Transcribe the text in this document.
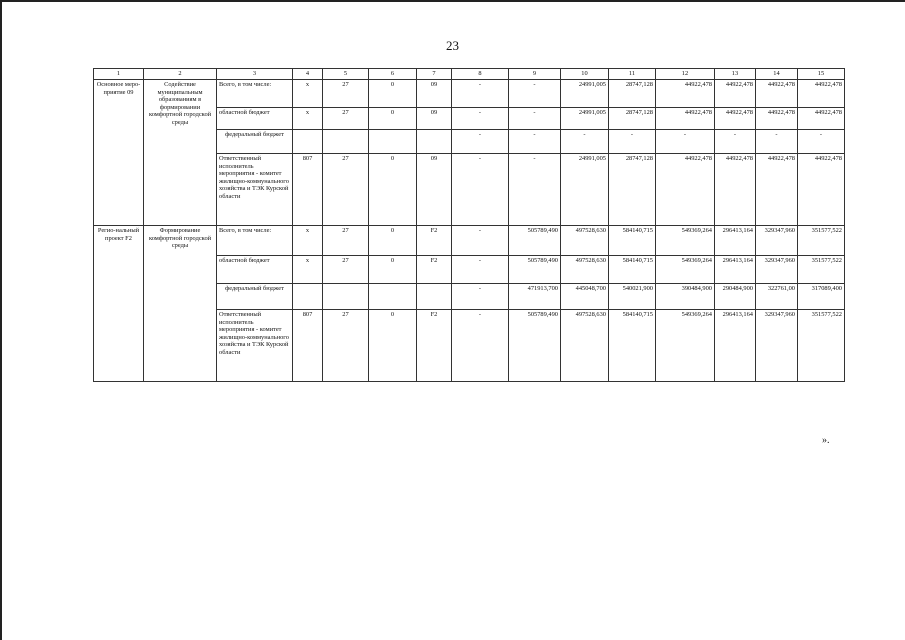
23
1	2	3	4	5	6	7	8	9	10	11	12	13	14	15
Основное меро-приятие 09	Содействие муниципальным образованиям в формировании комфортной городской среды	Всего, в том числе:	х	27	0	09	-	-	24991,005	28747,128	44922,478	44922,478	44922,478	44922,478
		областной бюджет	х	27	0	09	-	-	24991,005	28747,128	44922,478	44922,478	44922,478	44922,478
		федеральный бюджет					-	-	-	-	-	-	-	-
		Ответственный исполнитель мероприятия - комитет жилищно-коммунального хозяйства и ТЭК Курской области	807	27	0	09	-	-	24991,005	28747,128	44922,478	44922,478	44922,478	44922,478
Регио-нальный проект F2	Формирование комфортной городской среды	Всего, в том числе:	х	27	0	F2	-	505789,490	497528,630	584140,715	549369,264	296413,164	329347,960	351577,522
		областной бюджет	х	27	0	F2	-	505789,490	497528,630	584140,715	549369,264	296413,164	329347,960	351577,522
		федеральный бюджет					-	471913,700	445048,700	540021,900	390484,900	290484,900	322761,00	317089,400
		Ответственный исполнитель мероприятия - комитет жилищно-коммунального хозяйства и ТЭК Курской области	807	27	0	F2	-	505789,490	497528,630	584140,715	549369,264	296413,164	329347,960	351577,522
».
